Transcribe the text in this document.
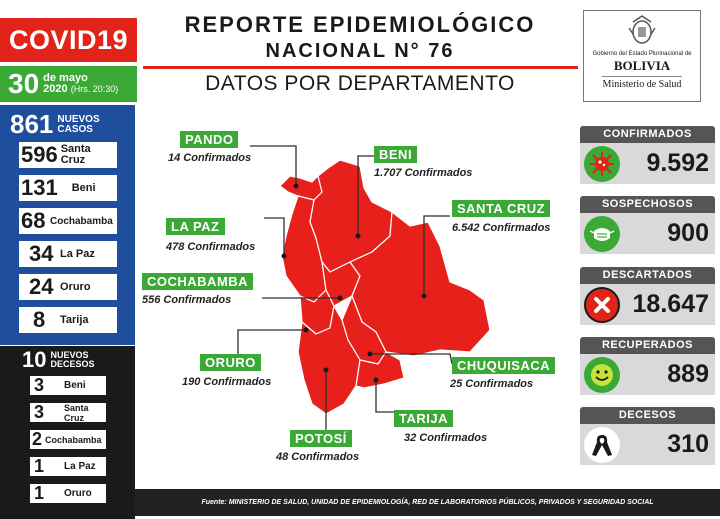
COVID19
30 de mayo
2020 (Hrs. 20:30)
861 NUEVOS
CASOS
596 Santa Cruz
131 Beni
68 Cochabamba
34 La Paz
24 Oruro
8	Tarija
10 NUEVOS
DECESOS
3	Beni
3	Santa Cruz
2 Cochabamba
1	La Paz
1	Oruro
REPORTE EPIDEMIOLÓGICO
NACIONAL N° 76
DATOS POR DEPARTAMENTO
Gobierno del Estado Plurinacional de
BOLIVIA
Ministerio de Salud
PANDO
14 Confirmados	BENI
1.707 Confirmados
LA PAZ
478 Confirmados
SANTA CRUZ
6.542 Confirmados
COCHABAMBA
556 Confirmados
ORURO
190 Confirmados
CHUQUISACA
25 Confirmados
TARIJA
32 Confirmados
POTOSÍ
48 Confirmados
CONFIRMADOS
9.592
SOSPECHOSOS
900
DESCARTADOS
18.647
RECUPERADOS
889
DECESOS
310
Fuente: MINISTERIO DE SALUD, UNIDAD DE EPIDEMIOLOGÍA, RED DE LABORATORIOS PÚBLICOS, PRIVADOS Y SEGURIDAD SOCIAL
